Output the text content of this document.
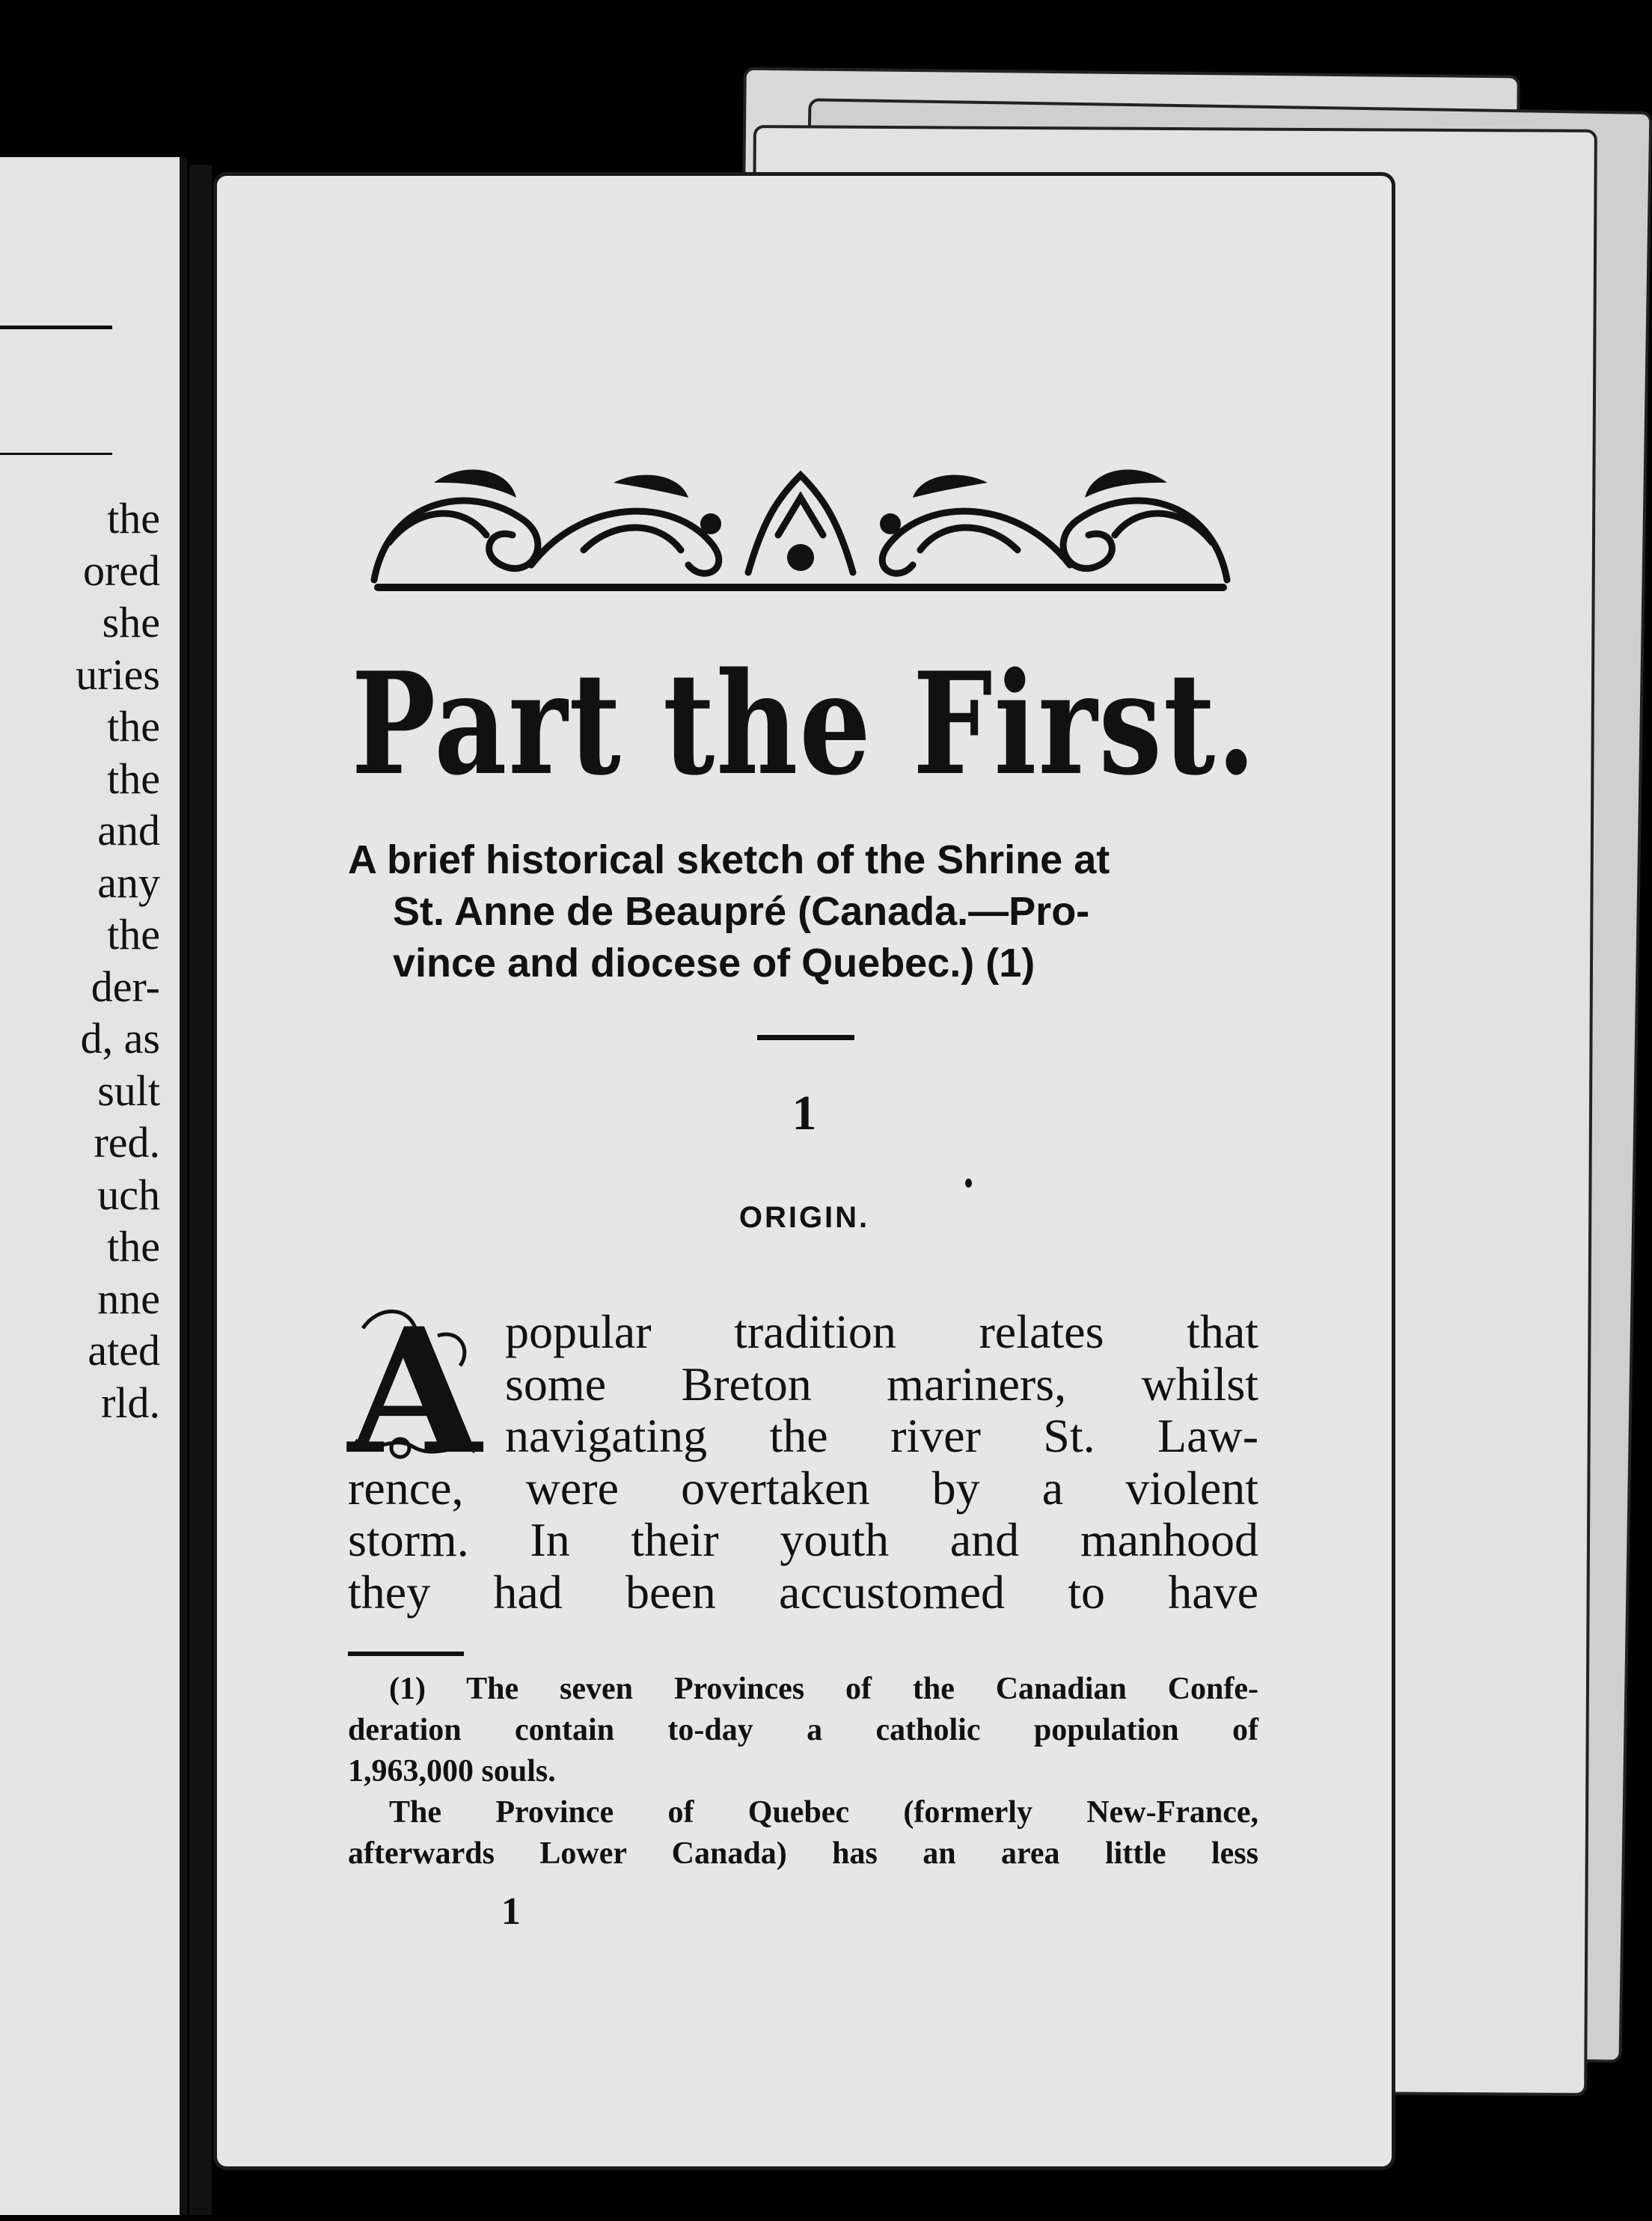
the
ored
she
uries
the
the
and
any
the
der-
d, as
sult
red.
uch
the
nne
ated
rld.
Part the First.

A brief historical sketch of the Shrine at
St. Anne de Beaupré (Canada.—Pro-
vince and diocese of Quebec.) (1)

1

ORIGIN.

A popular tradition relates that
some Breton mariners, whilst
navigating the river St. Law-
rence, were overtaken by a violent
storm. In their youth and manhood
they had been accustomed to have

(1) The seven Provinces of the Canadian Confe-
deration contain to-day a catholic population of
1,963,000 souls.
The Province of Quebec (formerly New-France,
afterwards Lower Canada) has an area little less

1
